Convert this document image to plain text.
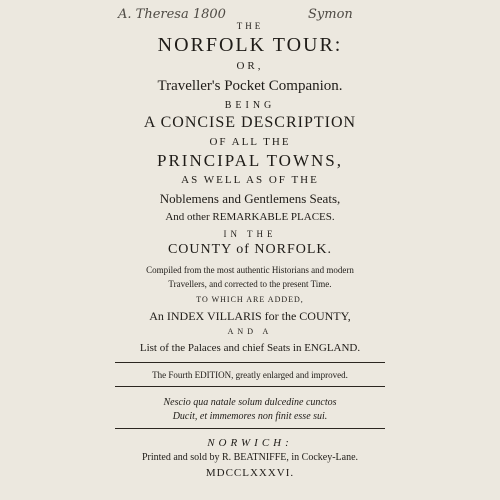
A. Theresa 1800	Symon
THE
NORFOLK TOUR:
OR,
Traveller's Pocket Companion.
BEING
A CONCISE DESCRIPTION
OF ALL THE
PRINCIPAL TOWNS,
AS WELL AS OF THE
Noblemens and Gentlemens Seats,
And other REMARKABLE PLACES.
IN THE
COUNTY of NORFOLK.
Compiled from the most authentic Historians and modern
Travellers, and corrected to the present Time.
TO WHICH ARE ADDED,
An INDEX VILLARIS for the COUNTY,
AND A
List of the Palaces and chief Seats in ENGLAND.
The Fourth EDITION, greatly enlarged and improved.
Nescio qua natale solum dulcedine cunctos
Ducit, et immemores non finit esse sui.
NORWICH:
Printed and sold by R. BEATNIFFE, in Cockey-Lane.
MDCCLXXXVI.
